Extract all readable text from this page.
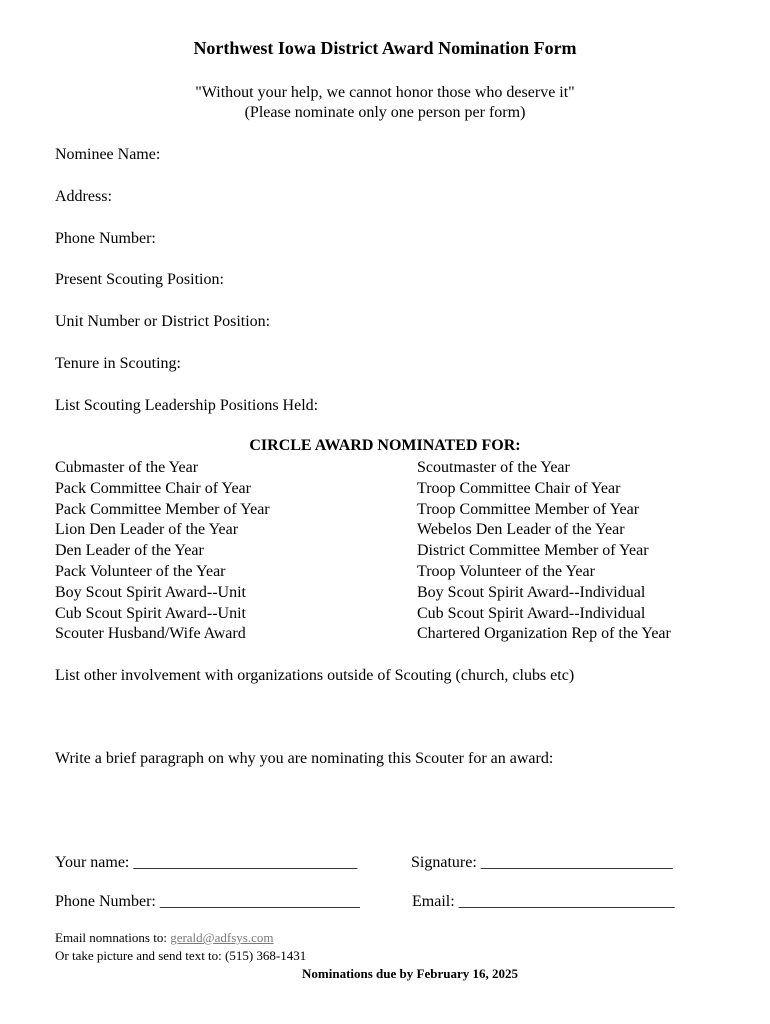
Northwest Iowa District Award Nomination Form
"Without your help, we cannot honor those who deserve it"
(Please nominate only one person per form)
Nominee Name:
Address:
Phone Number:
Present Scouting Position:
Unit Number or District Position:
Tenure in Scouting:
List Scouting Leadership Positions Held:
CIRCLE AWARD NOMINATED FOR:
Cubmaster of the Year
Pack Committee Chair of Year
Pack Committee Member of Year
Lion Den Leader of the Year
Den Leader of the Year
Pack Volunteer of the Year
Boy Scout Spirit Award--Unit
Cub Scout Spirit Award--Unit
Scouter Husband/Wife Award
Scoutmaster of the Year
Troop Committee Chair of Year
Troop Committee Member of Year
Webelos Den Leader of the Year
District Committee Member of Year
Troop Volunteer of the Year
Boy Scout Spirit Award--Individual
Cub Scout Spirit Award--Individual
Chartered Organization Rep of the Year
List other involvement with organizations outside of Scouting (church, clubs etc)
Write a brief paragraph on why you are nominating this Scouter for an award:
Your name: ____________________________	Signature: ________________________
Phone Number: _________________________	Email: ___________________________
Email nomnations to: gerald@adfsys.com
Or take picture and send text to: (515) 368-1431
Nominations due by February 16, 2025
